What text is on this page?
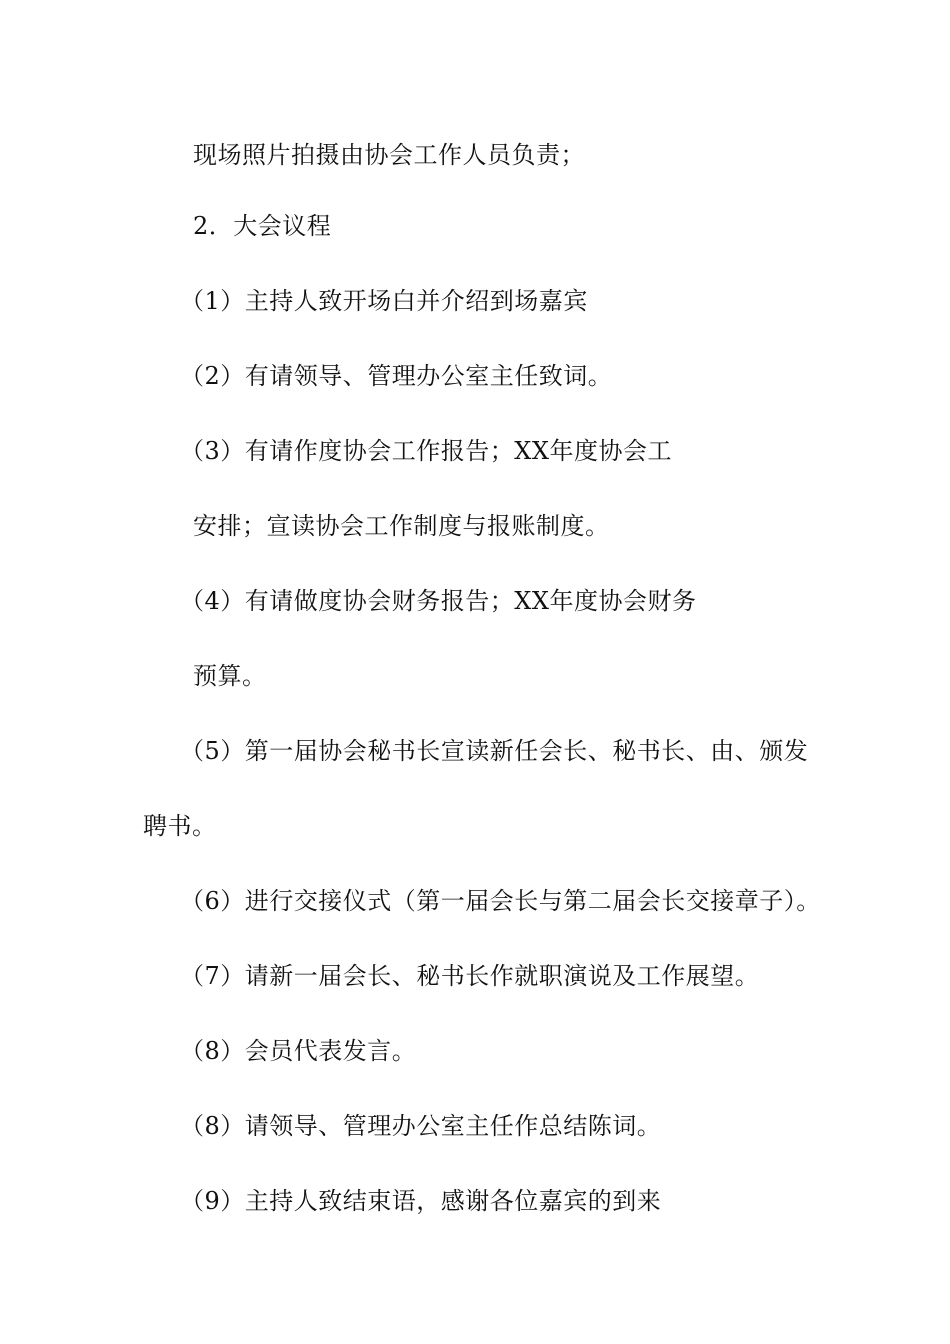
现场照片拍摄由协会工作人员负责；
2．大会议程
（1）主持人致开场白并介绍到场嘉宾
（2）有请领导、管理办公室主任致词。
（3）有请作度协会工作报告；XX年度协会工
安排；宣读协会工作制度与报账制度。
（4）有请做度协会财务报告；XX年度协会财务
预算。
（5）第一届协会秘书长宣读新任会长、秘书长、由、颁发
聘书。
（6）进行交接仪式（第一届会长与第二届会长交接章子）。
（7）请新一届会长、秘书长作就职演说及工作展望。
（8）会员代表发言。
（8）请领导、管理办公室主任作总结陈词。
（9）主持人致结束语，感谢各位嘉宾的到来
